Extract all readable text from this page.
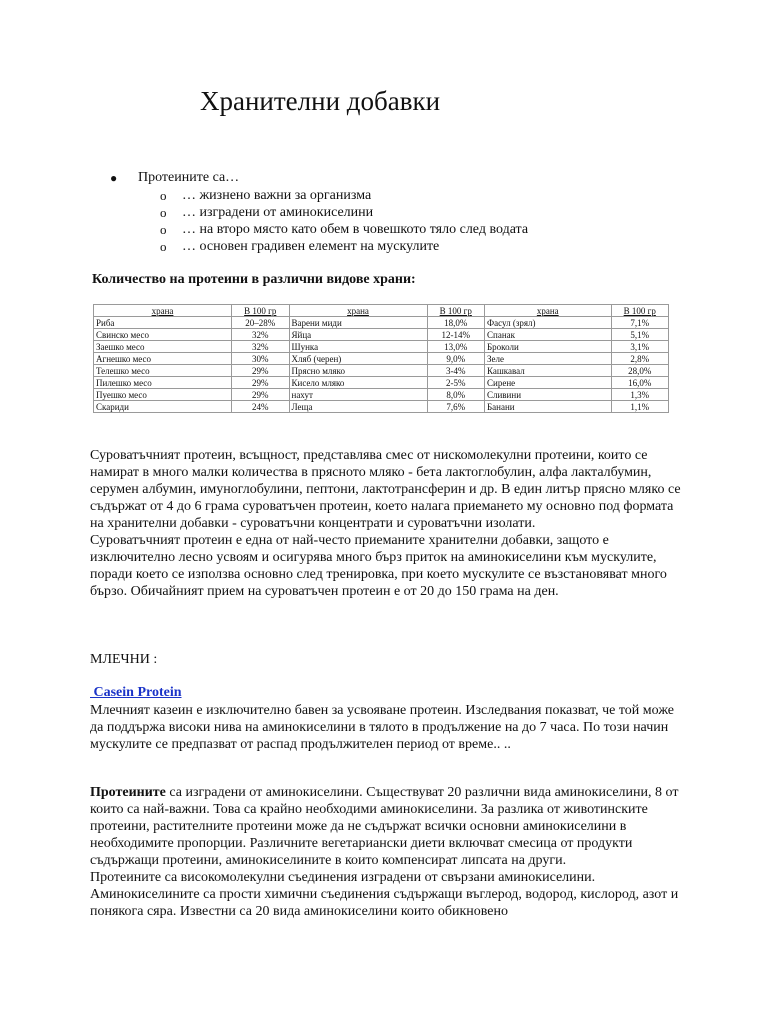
Хранителни добавки
● Протеините са…
o … жизнено важни за организма
o … изградени от аминокиселини
o … на второ място като обем в човешкото тяло след водата
o … основен градивен елемент на мускулите
Количество на протеини в различни видове храни:
храна	В 100 гр	храна	В 100 гр	храна	В 100 гр
Риба	20–28%	Варени миди	18,0%	Фасул (зрял)	7,1%
Свинско месо	32%	Яйца	12-14%	Спанак	5,1%
Заешко месо	32%	Шунка	13,0%	Броколи	3,1%
Агнешко месо	30%	Хляб (черен)	9,0%	Зеле	2,8%
Телешко месо	29%	Прясно мляко	3-4%	Кашкавал	28,0%
Пилешко месо	29%	Кисело мляко	2-5%	Сирене	16,0%
Пуешко месо	29%	нахут	8,0%	Сливини	1,3%
Скариди	24%	Леща	7,6%	Банани	1,1%

Суроватъчният протеин, всъщност, представлява смес от нискомолекулни протеини, които се намират в много малки количества в прясното мляко - бета лактоглобулин, алфа лакталбумин, серумен албумин, имуноглобулини, пептони, лактотрансферин и др. В един литър прясно мляко се съдържат от 4 до 6 грама суроватъчен протеин, което налага приемането му основно под формата на хранителни добавки - суроватъчни концентрати и суроватъчни изолати.

Суроватъчният протеин е една от най-често приеманите хранителни добавки, защото е изключително лесно усвоям и осигурява много бърз приток на аминокиселини към мускулите, поради което се използва основно след тренировка, при което мускулите се възстановяват много бързо. Обичайният прием на суроватъчен протеин е от 20 до 150 грама на ден.

МЛЕЧНИ :
Casein Protein

Млечният казеин е изключително бавен за усвояване протеин. Изследвания показват, че той може да поддържа високи нива на аминокиселини в тялото в продължение на до 7 часа. По този начин мускулите се предпазват от распад продължителен период от време.. ..

Протеините са изградени от аминокиселини. Съществуват 20 различни вида аминокиселини, 8 от които са най-важни. Това са крайно необходими аминокиселини. За разлика от животинските протеини, растителните протеини може да не съдържат всички основни аминокиселини в необходимите пропорции. Различните вегетариански диети включват смесица от продукти съдържащи протеини, аминокиселините в които компенсират липсата на други.

Протеините са високомолекулни съединения изградени от свързани аминокиселини. Аминокиселините са прости химични съединения съдържащи въглерод, водород, кислород, азот и понякога сяра. Известни са 20 вида аминокиселини които обикновено
